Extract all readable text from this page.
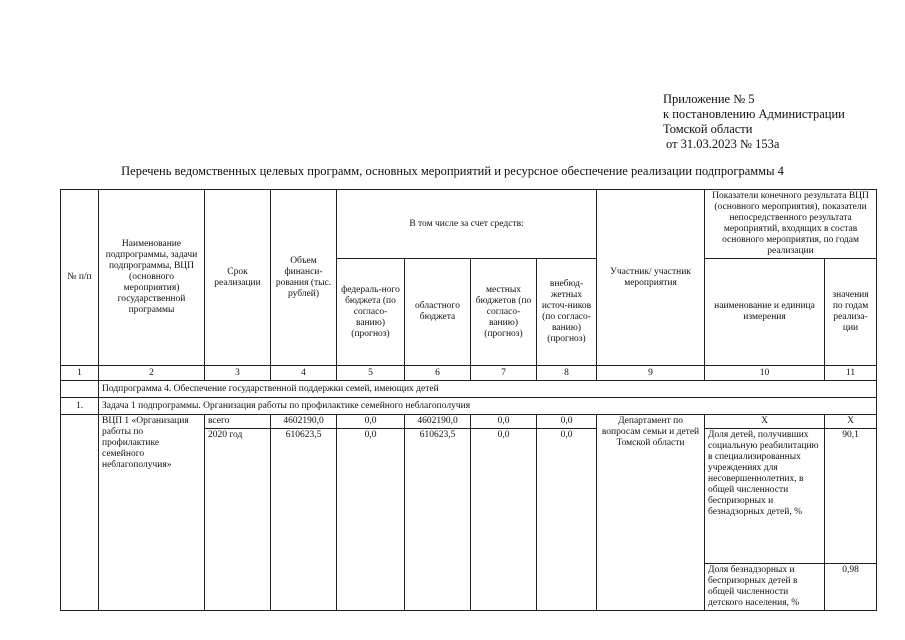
Приложение № 5
к постановлению Администрации
Томской области
от 31.03.2023 № 153а
Перечень ведомственных целевых программ, основных мероприятий и ресурсное обеспечение реализации подпрограммы 4
№ п/п	Наименование подпрограммы, задачи подпрограммы, ВЦП (основного мероприятия) государственной программы	Срок реализации	Объем финанси-рования (тыс. рублей)	В том числе за счет средств:				Участник/ участник мероприятия	Показатели конечного результата ВЦП (основного мероприятия), показатели непосредственного результата мероприятий, входящих в состав основного мероприятия, по годам реализации	
				федераль-ного бюджета (по согласо-ванию) (прогноз)	областного бюджета	местных бюджетов (по согласо-ванию) (прогноз)	внебюд-жетных источ-ников (по согласо-ванию) (прогноз)		наименование и единица измерения	значения по годам реализа-ции
1	2	3	4	5	6	7	8	9	10	11
	Подпрограмма 4. Обеспечение государственной поддержки семей, имеющих детей									
1.	Задача 1 подпрограммы. Организация работы по профилактике семейного неблагополучия									
	ВЦП 1 «Организация работы по профилактике семейного неблагополучия»	всего	4602190,0	0,0	4602190,0	0,0	0,0	Департамент по вопросам семьи и детей Томской области	Х	Х
		2020 год	610623,5	0,0	610623,5	0,0	0,0		Доля детей, получивших социальную реабилитацию в специализированных учреждениях для несовершеннолетних, в общей численности беспризорных и безнадзорных детей, %	90,1
									Доля безнадзорных и беспризорных детей в общей численности детского населения, %	0,98
